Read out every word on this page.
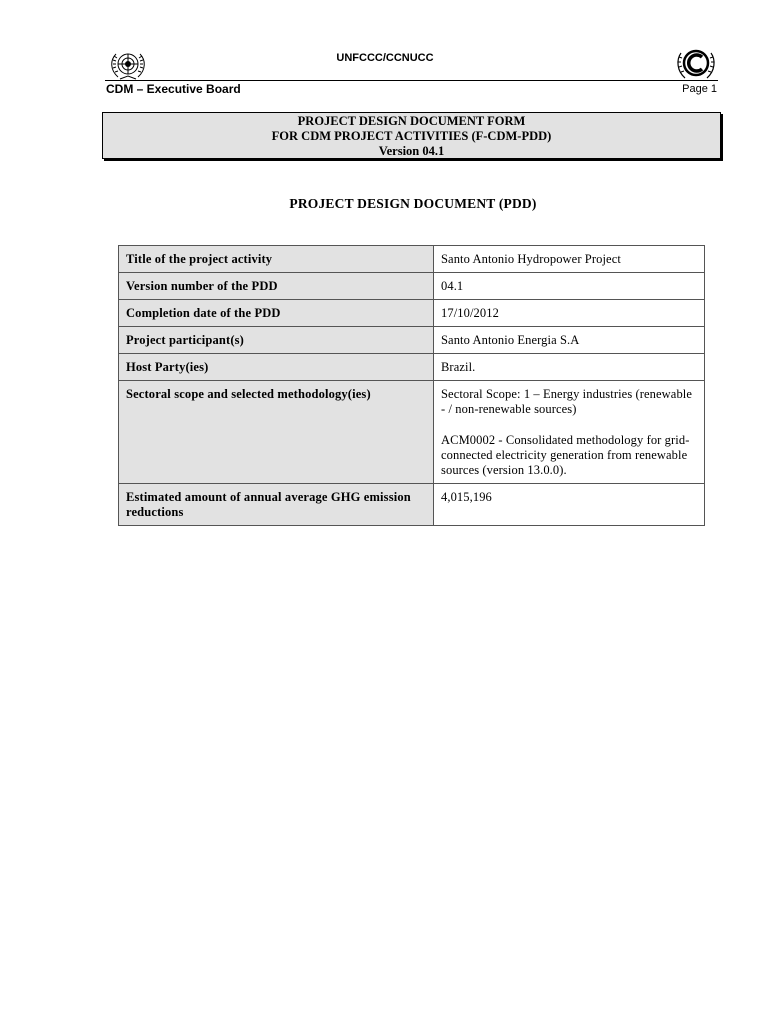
UNFCCC/CCNUCC
CDM – Executive Board	Page 1
PROJECT DESIGN DOCUMENT FORM
FOR CDM PROJECT ACTIVITIES (F-CDM-PDD)
Version 04.1
PROJECT DESIGN DOCUMENT (PDD)
Title of the project activity	Santo Antonio Hydropower Project
Version number of the PDD	04.1
Completion date of the PDD	17/10/2012
Project participant(s)	Santo Antonio Energia S.A
Host Party(ies)	Brazil.
Sectoral scope and selected methodology(ies)	Sectoral Scope: 1 – Energy industries (renewable - / non-renewable sources)
ACM0002 - Consolidated methodology for grid-connected electricity generation from renewable sources (version 13.0.0).

Estimated amount of annual average GHG emission reductions	4,015,196
